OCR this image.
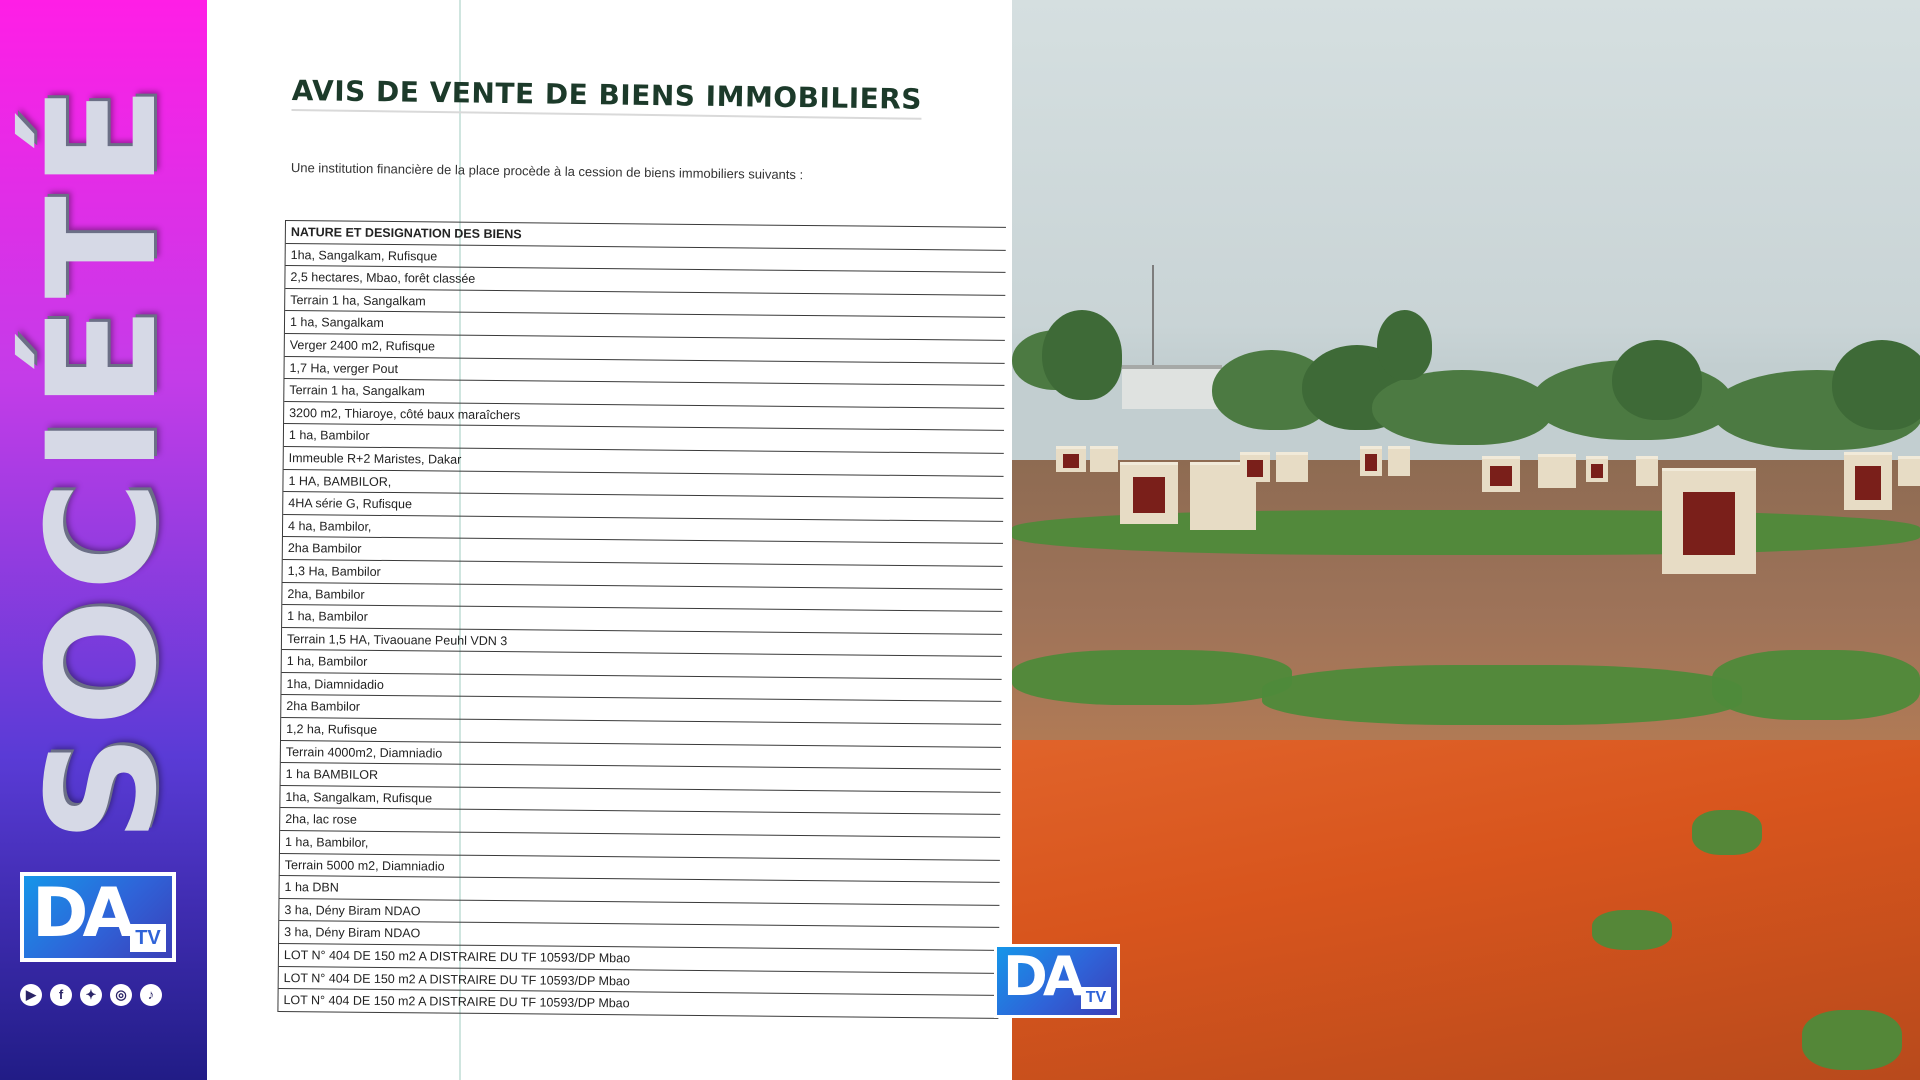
SOCIÉTÉ
DA TV
▶	f	✦	◎	♪
AVIS DE VENTE DE BIENS IMMOBILIERS
Une institution financière de la place procède à la cession de biens immobiliers suivants :
NATURE ET DESIGNATION DES BIENS
1ha, Sangalkam, Rufisque
2,5 hectares, Mbao, forêt classée
Terrain 1 ha, Sangalkam
1 ha, Sangalkam
Verger 2400 m2, Rufisque
1,7 Ha, verger Pout
Terrain 1 ha, Sangalkam
3200 m2, Thiaroye, côté baux maraîchers
1 ha, Bambilor
Immeuble R+2 Maristes, Dakar
1 HA, BAMBILOR,
4HA série G, Rufisque
4 ha, Bambilor,
2ha Bambilor
1,3 Ha, Bambilor
2ha, Bambilor
1 ha, Bambilor
Terrain 1,5 HA, Tivaouane Peuhl VDN 3
1 ha, Bambilor
1ha, Diamnidadio
2ha Bambilor
1,2 ha, Rufisque
Terrain 4000m2, Diamniadio
1 ha BAMBILOR
1ha, Sangalkam, Rufisque
2ha, lac rose
1 ha, Bambilor,
Terrain 5000 m2, Diamniadio
1 ha DBN
3 ha, Dény Biram NDAO
3 ha, Dény Biram NDAO
LOT N° 404 DE 150 m2 A DISTRAIRE DU TF 10593/DP Mbao
LOT N° 404 DE 150 m2 A DISTRAIRE DU TF 10593/DP Mbao
LOT N° 404 DE 150 m2 A DISTRAIRE DU TF 10593/DP Mbao	DA TV
